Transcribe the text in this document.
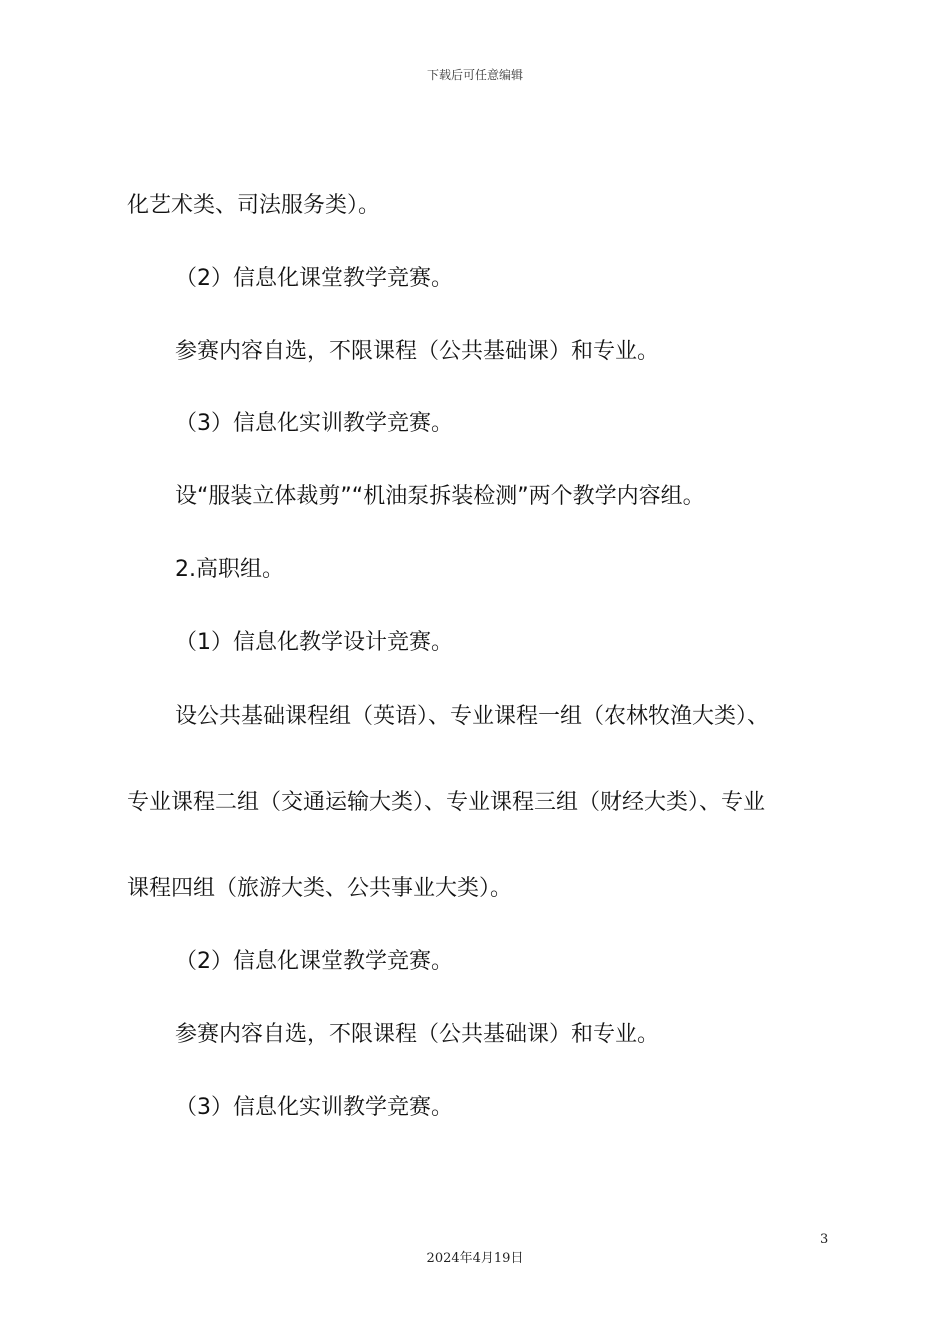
下载后可任意编辑
化艺术类、司法服务类）。
（2）信息化课堂教学竞赛。
参赛内容自选，不限课程（公共基础课）和专业。
（3）信息化实训教学竞赛。
设“服装立体裁剪”“机油泵拆装检测”两个教学内容组。
2.高职组。
（1）信息化教学设计竞赛。
设公共基础课程组（英语）、专业课程一组（农林牧渔大类）、
专业课程二组（交通运输大类）、专业课程三组（财经大类）、专业
课程四组（旅游大类、公共事业大类）。
（2）信息化课堂教学竞赛。
参赛内容自选，不限课程（公共基础课）和专业。
（3）信息化实训教学竞赛。
3
2024年4月19日
